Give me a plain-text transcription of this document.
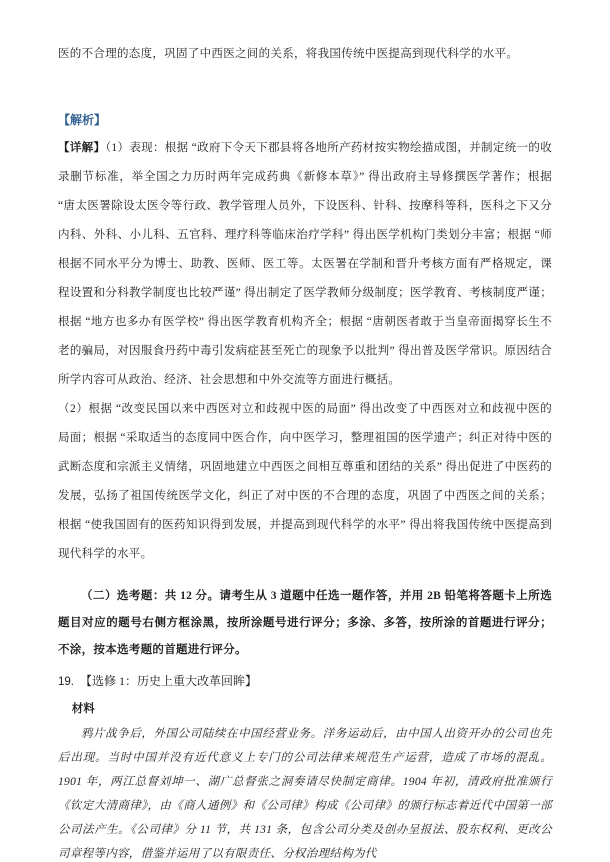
医的不合理的态度，巩固了中西医之间的关系，将我国传统中医提高到现代科学的水平。

【解析】

【详解】（1）表现：根据 “政府下令天下郡县将各地所产药材按实物绘描成图，并制定统一的收录删节标准，举全国之力历时两年完成药典《新修本草》” 得出政府主导修撰医学著作；根据 “唐太医署除设太医令等行政、教学管理人员外，下设医科、针科、按摩科等科，医科之下又分内科、外科、小儿科、五官科、理疗科等临床治疗学科” 得出医学机构门类划分丰富；根据 “师根据不同水平分为博士、助教、医师、医工等。太医署在学制和晋升考核方面有严格规定，课程设置和分科教学制度也比较严谨” 得出制定了医学教师分级制度；医学教育、考核制度严谨；根据 “地方也多办有医学校” 得出医学教育机构齐全；根据 “唐朝医者敢于当皇帝面揭穿长生不老的骗局，对因服食丹药中毒引发病症甚至死亡的现象予以批判” 得出普及医学常识。原因结合所学内容可从政治、经济、社会思想和中外交流等方面进行概括。

（2）根据 “改变民国以来中西医对立和歧视中医的局面” 得出改变了中西医对立和歧视中医的局面；根据 “采取适当的态度同中医合作，向中医学习，整理祖国的医学遗产；纠正对待中医的武断态度和宗派主义情绪，巩固地建立中西医之间相互尊重和团结的关系” 得出促进了中医药的发展，弘扬了祖国传统医学文化，纠正了对中医的不合理的态度，巩固了中西医之间的关系；根据 “使我国固有的医药知识得到发展，并提高到现代科学的水平” 得出将我国传统中医提高到现代科学的水平。

（二）选考题：共 12 分。请考生从 3 道题中任选一题作答，并用 2B 铅笔将答题卡上所选题目对应的题号右侧方框涂黑，按所涂题号进行评分；多涂、多答，按所涂的首题进行评分；不涂，按本选考题的首题进行评分。

19. 【选修 1：历史上重大改革回眸】

材料

鸦片战争后，外国公司陆续在中国经营业务。洋务运动后，由中国人出资开办的公司也先后出现。当时中国并没有近代意义上专门的公司法律来规范生产运营，造成了市场的混乱。1901 年，两江总督刘坤一、湖广总督张之洞奏请尽快制定商律。1904 年初，清政府批准颁行《钦定大清商律》，由《商人通例》和《公司律》构成《公司律》的颁行标志着近代中国第一部公司法产生。《公司律》分 11 节，共 131 条，包含公司分类及创办呈报法、股东权利、更改公司章程等内容，借鉴并运用了以有限责任、分权治理结构为代
